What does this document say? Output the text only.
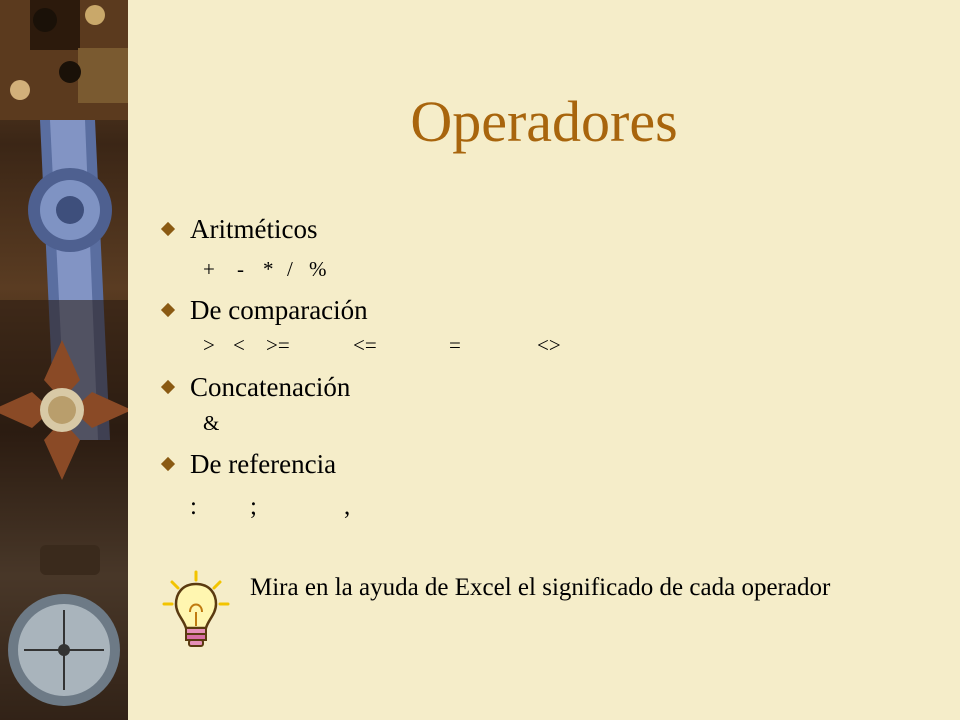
Operadores
Aritméticos
+ - * / %
De comparación
> < >=	<=	=	<>
Concatenación
&
De referencia
: ;	,
Mira en la ayuda de Excel el significado de cada operador
